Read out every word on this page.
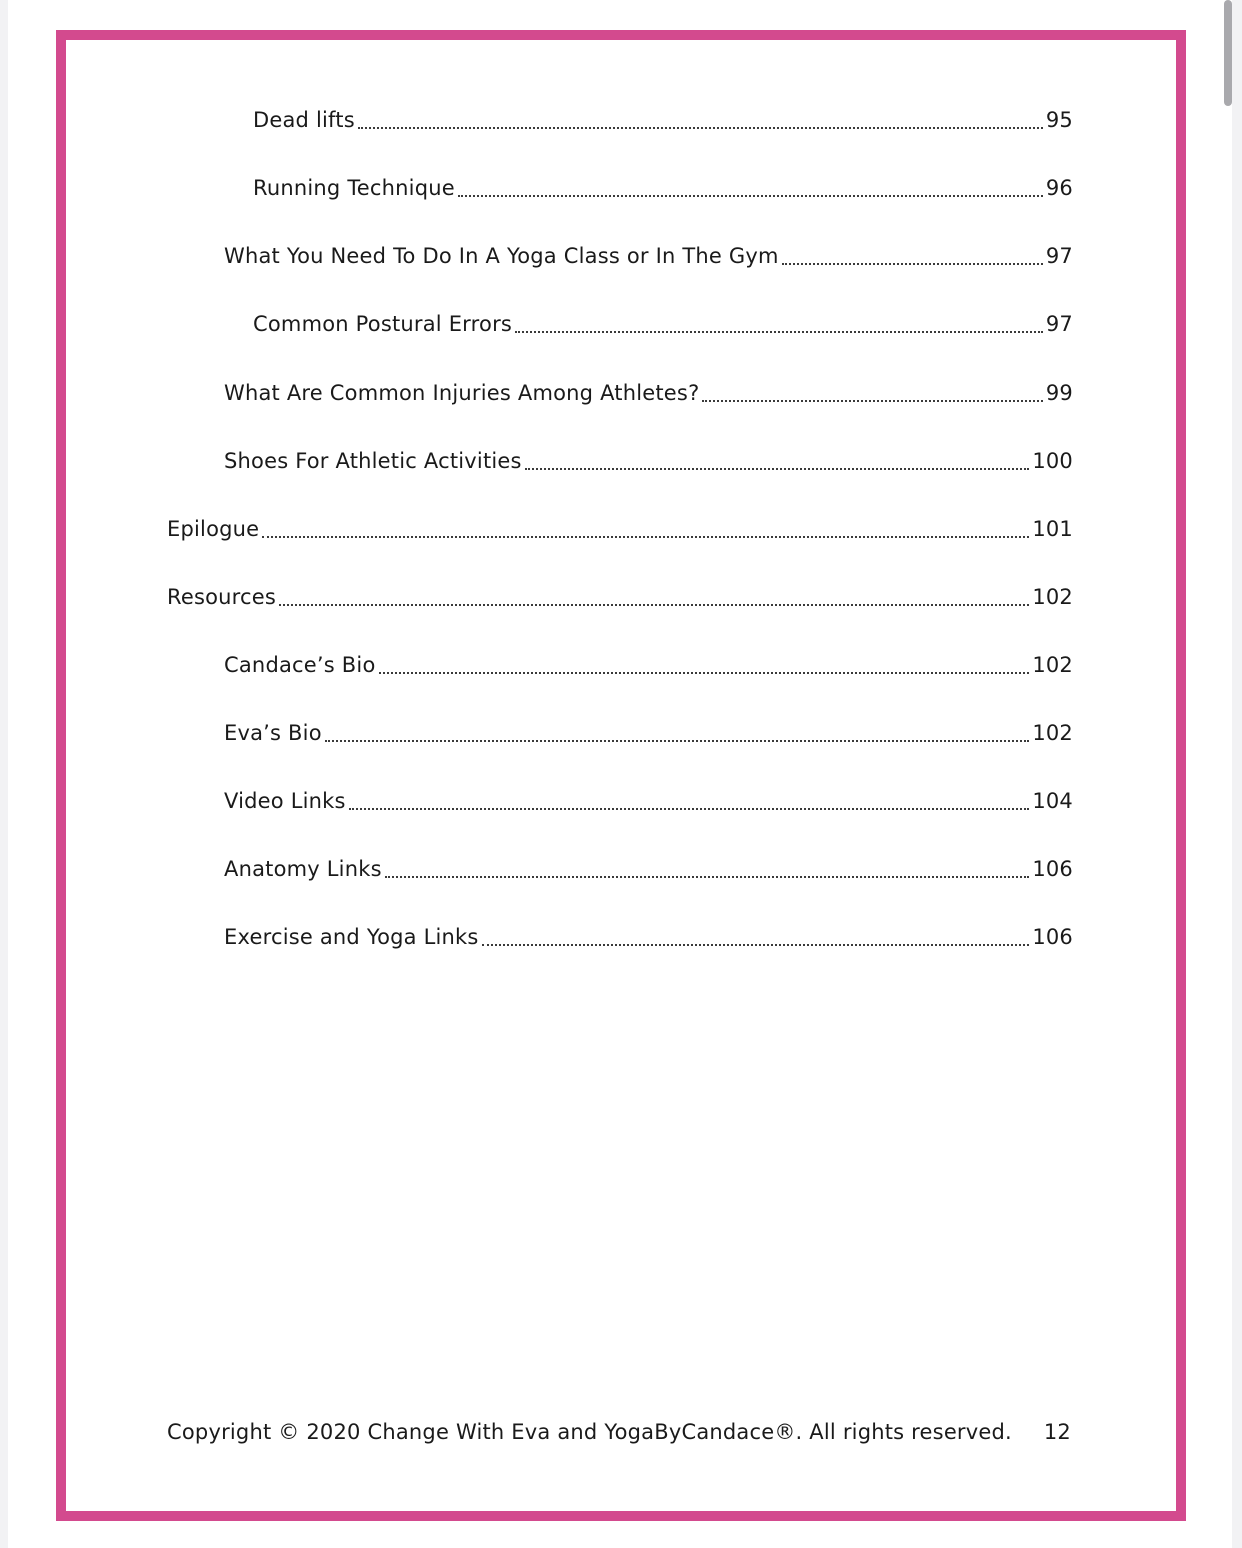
Dead lifts	95
Running Technique	96
What You Need To Do In A Yoga Class or In The Gym	97
Common Postural Errors	97
What Are Common Injuries Among Athletes?	99
Shoes For Athletic Activities	100
Epilogue	101
Resources	102
Candace’s Bio	102
Eva’s Bio	102
Video Links	104
Anatomy Links	106
Exercise and Yoga Links	106
Copyright © 2020 Change With Eva and YogaByCandace®. All rights reserved. 12
